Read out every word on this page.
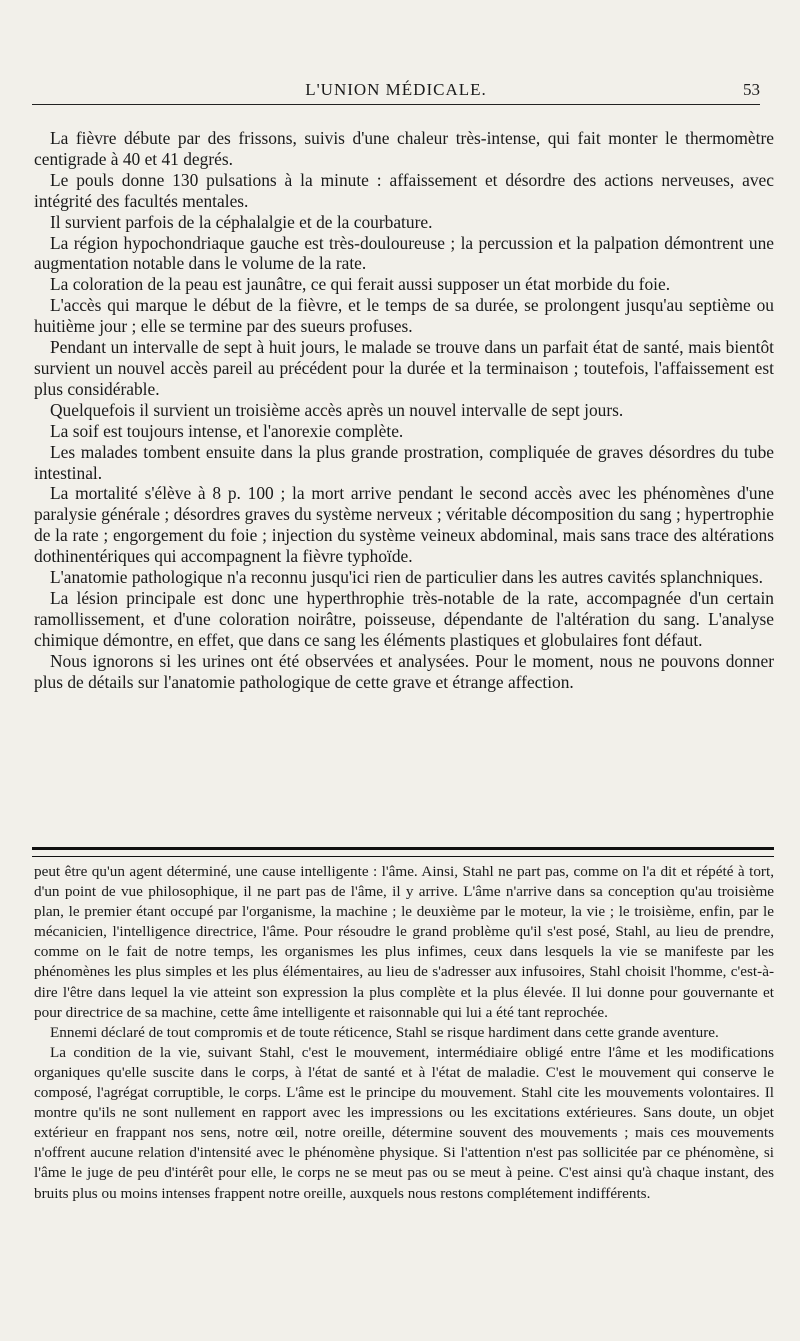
L'UNION MÉDICALE.	53

La fièvre débute par des frissons, suivis d'une chaleur très-intense, qui fait monter le thermomètre centigrade à 40 et 41 degrés.

Le pouls donne 130 pulsations à la minute : affaissement et désordre des actions nerveuses, avec intégrité des facultés mentales.

Il survient parfois de la céphalalgie et de la courbature.

La région hypochondriaque gauche est très-douloureuse ; la percussion et la palpation démontrent une augmentation notable dans le volume de la rate.

La coloration de la peau est jaunâtre, ce qui ferait aussi supposer un état morbide du foie.

L'accès qui marque le début de la fièvre, et le temps de sa durée, se prolongent jusqu'au septième ou huitième jour ; elle se termine par des sueurs profuses.

Pendant un intervalle de sept à huit jours, le malade se trouve dans un parfait état de santé, mais bientôt survient un nouvel accès pareil au précédent pour la durée et la terminaison ; toutefois, l'affaissement est plus considérable.

Quelquefois il survient un troisième accès après un nouvel intervalle de sept jours.

La soif est toujours intense, et l'anorexie complète.

Les malades tombent ensuite dans la plus grande prostration, compliquée de graves désordres du tube intestinal.

La mortalité s'élève à 8 p. 100 ; la mort arrive pendant le second accès avec les phénomènes d'une paralysie générale ; désordres graves du système nerveux ; véritable décomposition du sang ; hypertrophie de la rate ; engorgement du foie ; injection du système veineux abdominal, mais sans trace des altérations dothinentériques qui accompagnent la fièvre typhoïde.

L'anatomie pathologique n'a reconnu jusqu'ici rien de particulier dans les autres cavités splanchniques.

La lésion principale est donc une hyperthrophie très-notable de la rate, accompagnée d'un certain ramollissement, et d'une coloration noirâtre, poisseuse, dépendante de l'altération du sang. L'analyse chimique démontre, en effet, que dans ce sang les éléments plastiques et globulaires font défaut.

Nous ignorons si les urines ont été observées et analysées. Pour le moment, nous ne pouvons donner plus de détails sur l'anatomie pathologique de cette grave et étrange affection.

peut être qu'un agent déterminé, une cause intelligente : l'âme. Ainsi, Stahl ne part pas, comme on l'a dit et répété à tort, d'un point de vue philosophique, il ne part pas de l'âme, il y arrive. L'âme n'arrive dans sa conception qu'au troisième plan, le premier étant occupé par l'organisme, la machine ; le deuxième par le moteur, la vie ; le troisième, enfin, par le mécanicien, l'intelligence directrice, l'âme. Pour résoudre le grand problème qu'il s'est posé, Stahl, au lieu de prendre, comme on le fait de notre temps, les organismes les plus infimes, ceux dans lesquels la vie se manifeste par les phénomènes les plus simples et les plus élémentaires, au lieu de s'adresser aux infusoires, Stahl choisit l'homme, c'est-à-dire l'être dans lequel la vie atteint son expression la plus complète et la plus élevée. Il lui donne pour gouvernante et pour directrice de sa machine, cette âme intelligente et raisonnable qui lui a été tant reprochée.

Ennemi déclaré de tout compromis et de toute réticence, Stahl se risque hardiment dans cette grande aventure.

La condition de la vie, suivant Stahl, c'est le mouvement, intermédiaire obligé entre l'âme et les modifications organiques qu'elle suscite dans le corps, à l'état de santé et à l'état de maladie. C'est le mouvement qui conserve le composé, l'agrégat corruptible, le corps. L'âme est le principe du mouvement. Stahl cite les mouvements volontaires. Il montre qu'ils ne sont nullement en rapport avec les impressions ou les excitations extérieures. Sans doute, un objet extérieur en frappant nos sens, notre œil, notre oreille, détermine souvent des mouvements ; mais ces mouvements n'offrent aucune relation d'intensité avec le phénomène physique. Si l'attention n'est pas sollicitée par ce phénomène, si l'âme le juge de peu d'intérêt pour elle, le corps ne se meut pas ou se meut à peine. C'est ainsi qu'à chaque instant, des bruits plus ou moins intenses frappent notre oreille, auxquels nous restons complétement indifférents.
